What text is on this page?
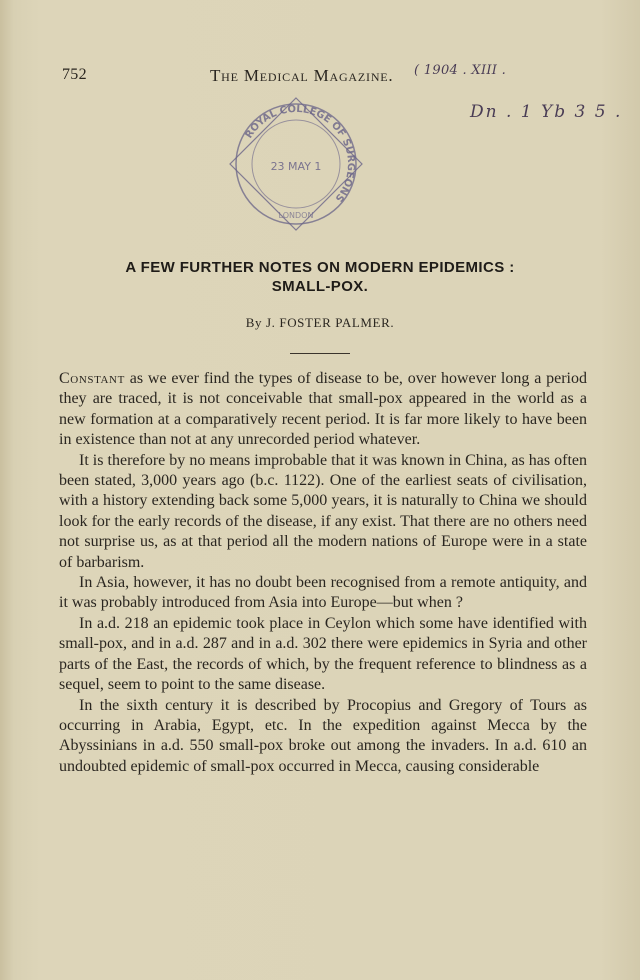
752	The Medical Magazine. ( 1904 . XIII .
Dn . 1 Yb 3 5 .
ROYAL COLLEGE OF SURGEONS
23 MAY 1
LONDON
A FEW FURTHER NOTES ON MODERN EPIDEMICS :
SMALL-POX.
By J. FOSTER PALMER.

Constant as we ever find the types of disease to be, over however long a period they are traced, it is not conceivable that small-pox appeared in the world as a new formation at a comparatively recent period. It is far more likely to have been in existence than not at any unrecorded period whatever.

It is therefore by no means improbable that it was known in China, as has often been stated, 3,000 years ago (b.c. 1122). One of the earliest seats of civilisation, with a history extending back some 5,000 years, it is naturally to China we should look for the early records of the disease, if any exist. That there are no others need not surprise us, as at that period all the modern nations of Europe were in a state of barbarism.

In Asia, however, it has no doubt been recognised from a remote antiquity, and it was probably introduced from Asia into Europe—but when ?

In a.d. 218 an epidemic took place in Ceylon which some have identified with small-pox, and in a.d. 287 and in a.d. 302 there were epidemics in Syria and other parts of the East, the records of which, by the frequent reference to blindness as a sequel, seem to point to the same disease.

In the sixth century it is described by Procopius and Gregory of Tours as occurring in Arabia, Egypt, etc. In the expedition against Mecca by the Abyssinians in a.d. 550 small-pox broke out among the invaders. In a.d. 610 an undoubted epidemic of small-pox occurred in Mecca, causing considerable
